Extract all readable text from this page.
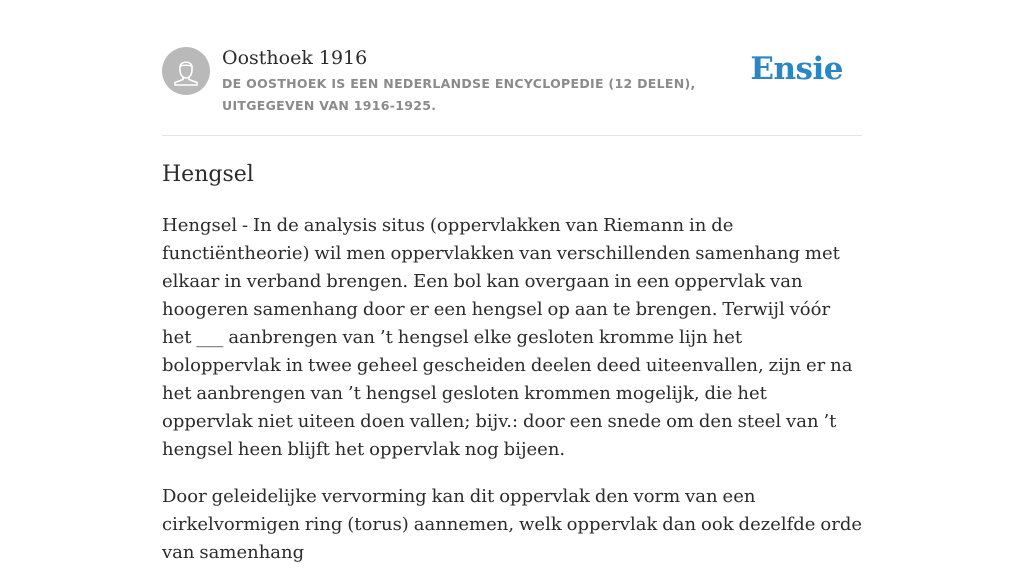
Oosthoek 1916
DE OOSTHOEK IS EEN NEDERLANDSE ENCYCLOPEDIE (12 DELEN), UITGEGEVEN VAN 1916-1925.
Ensie
Hengsel

Hengsel - In de analysis situs (oppervlakken van Riemann in de functiëntheorie) wil men oppervlakken van verschillenden samenhang met elkaar in verband brengen. Een bol kan overgaan in een oppervlak van hoogeren samenhang door er een hengsel op aan te brengen. Terwijl vóór het ___ aanbrengen van ’t hengsel elke gesloten kromme lijn het boloppervlak in twee geheel gescheiden deelen deed uiteenvallen, zijn er na het aanbrengen van ’t hengsel gesloten krommen mogelijk, die het oppervlak niet uiteen doen vallen; bijv.: door een snede om den steel van ’t hengsel heen blijft het oppervlak nog bijeen.

Door geleidelijke vervorming kan dit oppervlak den vorm van een cirkelvormigen ring (torus) aannemen, welk oppervlak dan ook dezelfde orde van samenhang
